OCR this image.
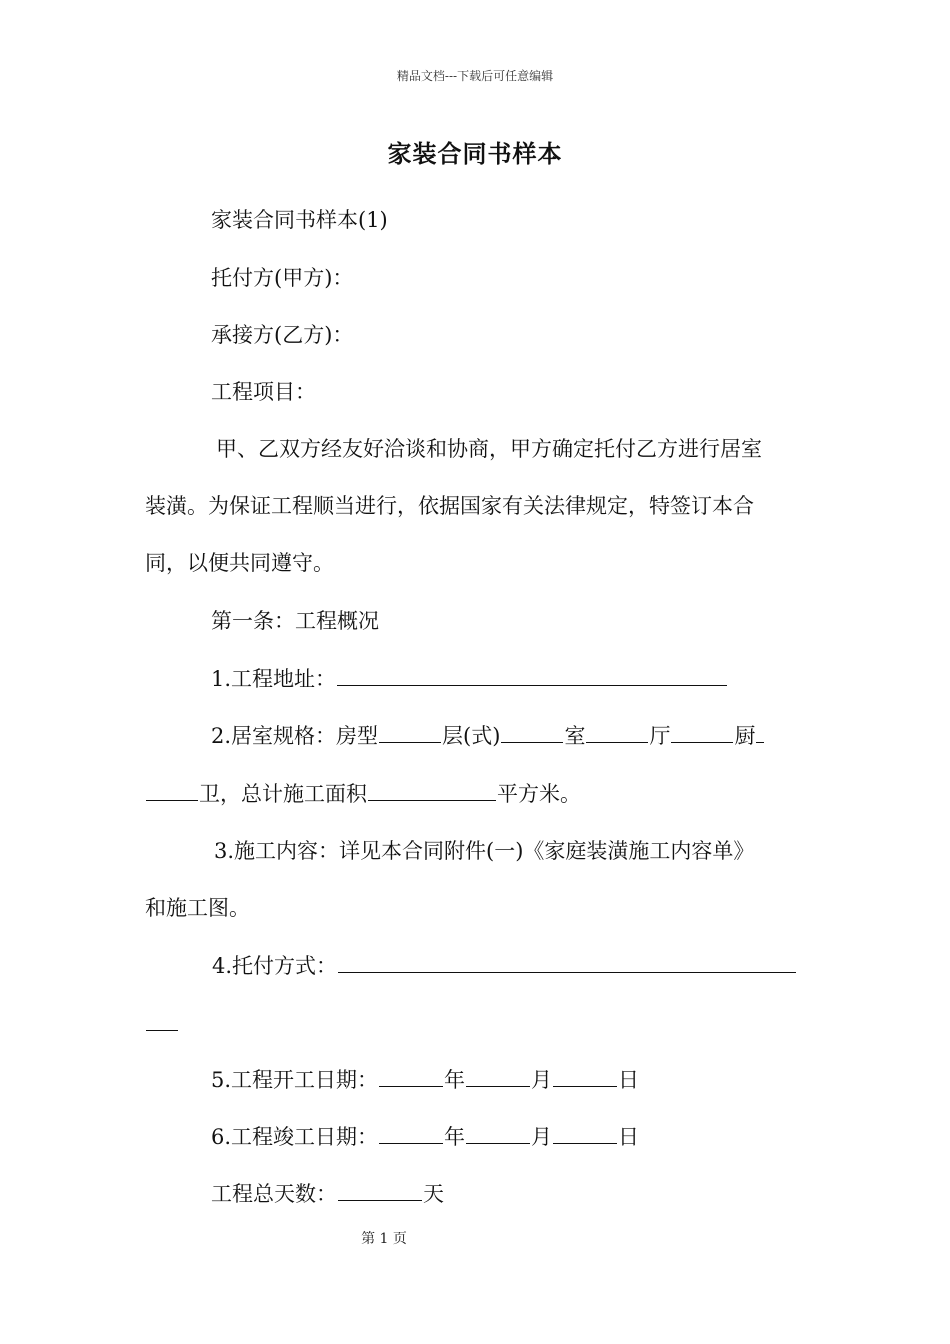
精品文档---下载后可任意编辑
家装合同书样本
家装合同书样本(1)
托付方(甲方)：
承接方(乙方)：
工程项目：
甲、乙双方经友好洽谈和协商，甲方确定托付乙方进行居室
装潢。为保证工程顺当进行，依据国家有关法律规定，特签订本合
同，以便共同遵守。
第一条：工程概况
1.工程地址：
2.居室规格：房型	层(式)	室	厅	厨
卫，总计施工面积	平方米。
3.施工内容：详见本合同附件(一)《家庭装潢施工内容单》
和施工图。
4.托付方式：
5.工程开工日期：	年	月	日
6.工程竣工日期：	年	月	日
工程总天数：	天
第 1 页
